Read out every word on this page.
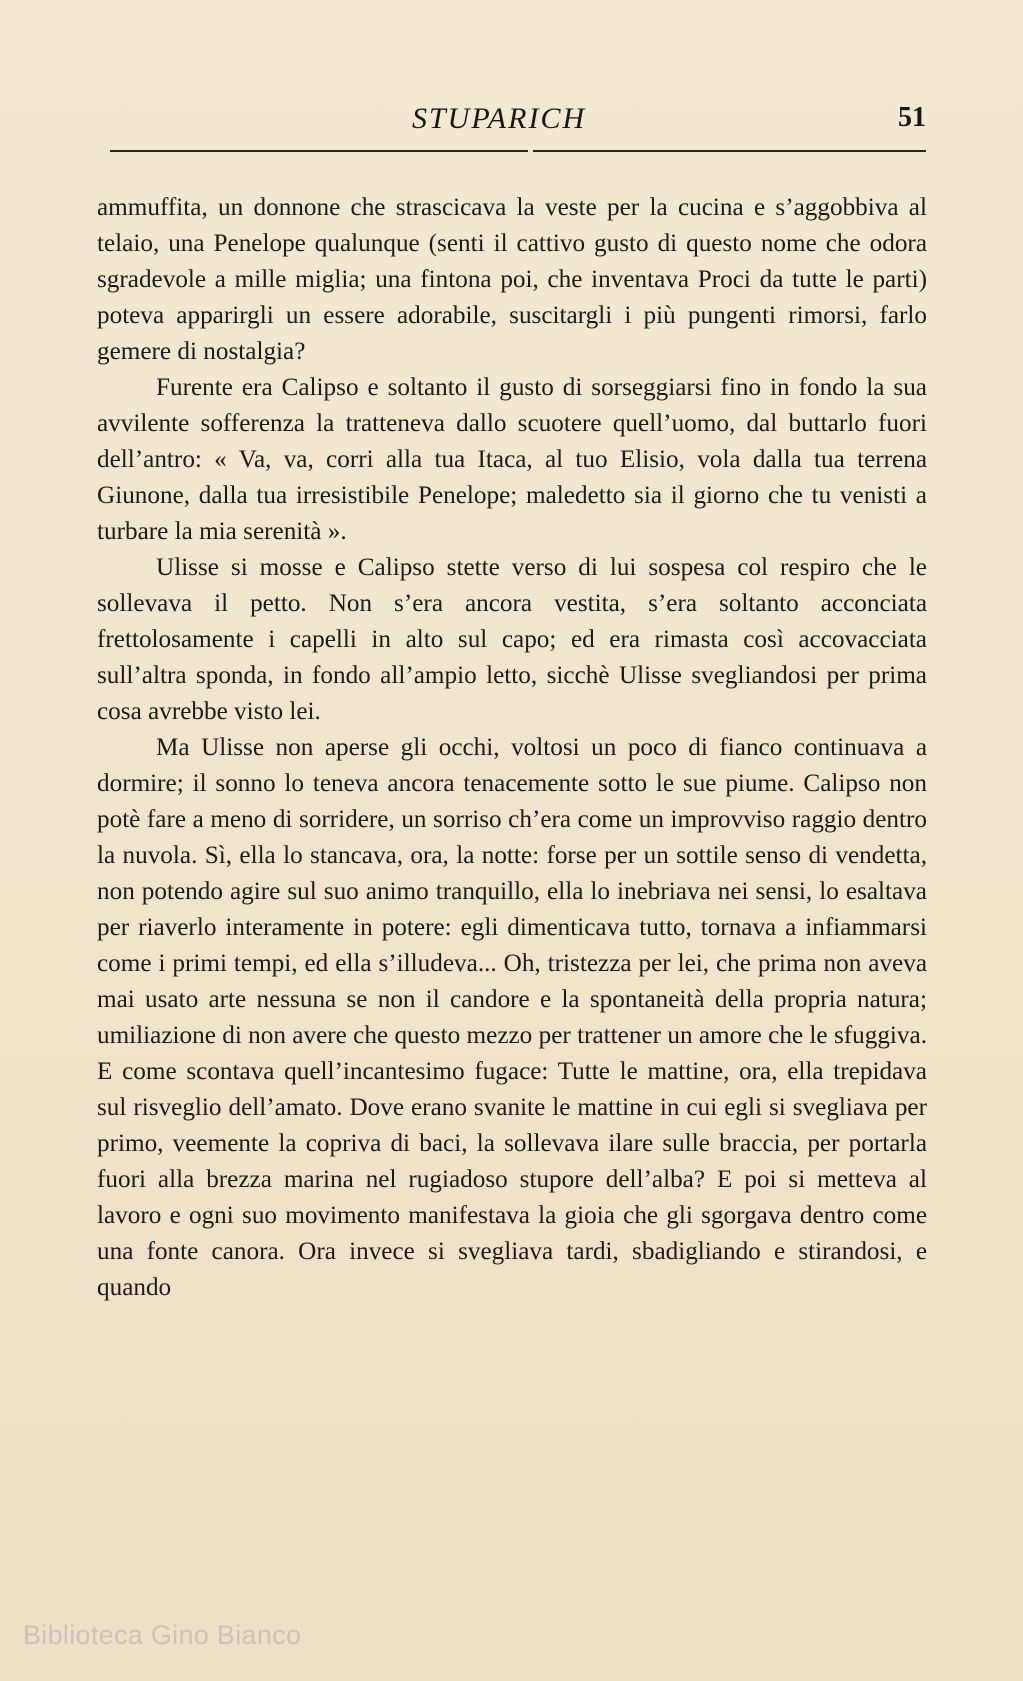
STUPARICH	51

ammuffita, un donnone che strascicava la veste per la cucina e s’aggobbiva al telaio, una Penelope qualunque (senti il cattivo gusto di questo nome che odora sgradevole a mille miglia; una fintona poi, che inventava Proci da tutte le parti) poteva apparirgli un essere adorabile, suscitargli i più pungenti rimorsi, farlo gemere di nostalgia?

Furente era Calipso e soltanto il gusto di sorseggiarsi fino in fondo la sua avvilente sofferenza la tratteneva dallo scuotere quell’uomo, dal buttarlo fuori dell’antro: « Va, va, corri alla tua Itaca, al tuo Elisio, vola dalla tua terrena Giunone, dalla tua irresistibile Penelope; maledetto sia il giorno che tu venisti a turbare la mia serenità ».

Ulisse si mosse e Calipso stette verso di lui sospesa col respiro che le sollevava il petto. Non s’era ancora vestita, s’era soltanto acconciata frettolosamente i capelli in alto sul capo; ed era rimasta così accovacciata sull’altra sponda, in fondo all’ampio letto, sicchè Ulisse svegliandosi per prima cosa avrebbe visto lei.

Ma Ulisse non aperse gli occhi, voltosi un poco di fianco continuava a dormire; il sonno lo teneva ancora tenacemente sotto le sue piume. Calipso non potè fare a meno di sorridere, un sorriso ch’era come un improvviso raggio dentro la nuvola. Sì, ella lo stancava, ora, la notte: forse per un sottile senso di vendetta, non potendo agire sul suo animo tranquillo, ella lo inebriava nei sensi, lo esaltava per riaverlo interamente in potere: egli dimenticava tutto, tornava a infiammarsi come i primi tempi, ed ella s’illudeva... Oh, tristezza per lei, che prima non aveva mai usato arte nessuna se non il candore e la spontaneità della propria natura; umiliazione di non avere che questo mezzo per trattener un amore che le sfuggiva. E come scontava quell’incantesimo fugace: Tutte le mattine, ora, ella trepidava sul risveglio dell’amato. Dove erano svanite le mattine in cui egli si svegliava per primo, veemente la copriva di baci, la sollevava ilare sulle braccia, per portarla fuori alla brezza marina nel rugiadoso stupore dell’alba? E poi si metteva al lavoro e ogni suo movimento manifestava la gioia che gli sgorgava dentro come una fonte canora. Ora invece si svegliava tardi, sbadigliando e stirandosi, e quando

Biblioteca Gino Bianco
